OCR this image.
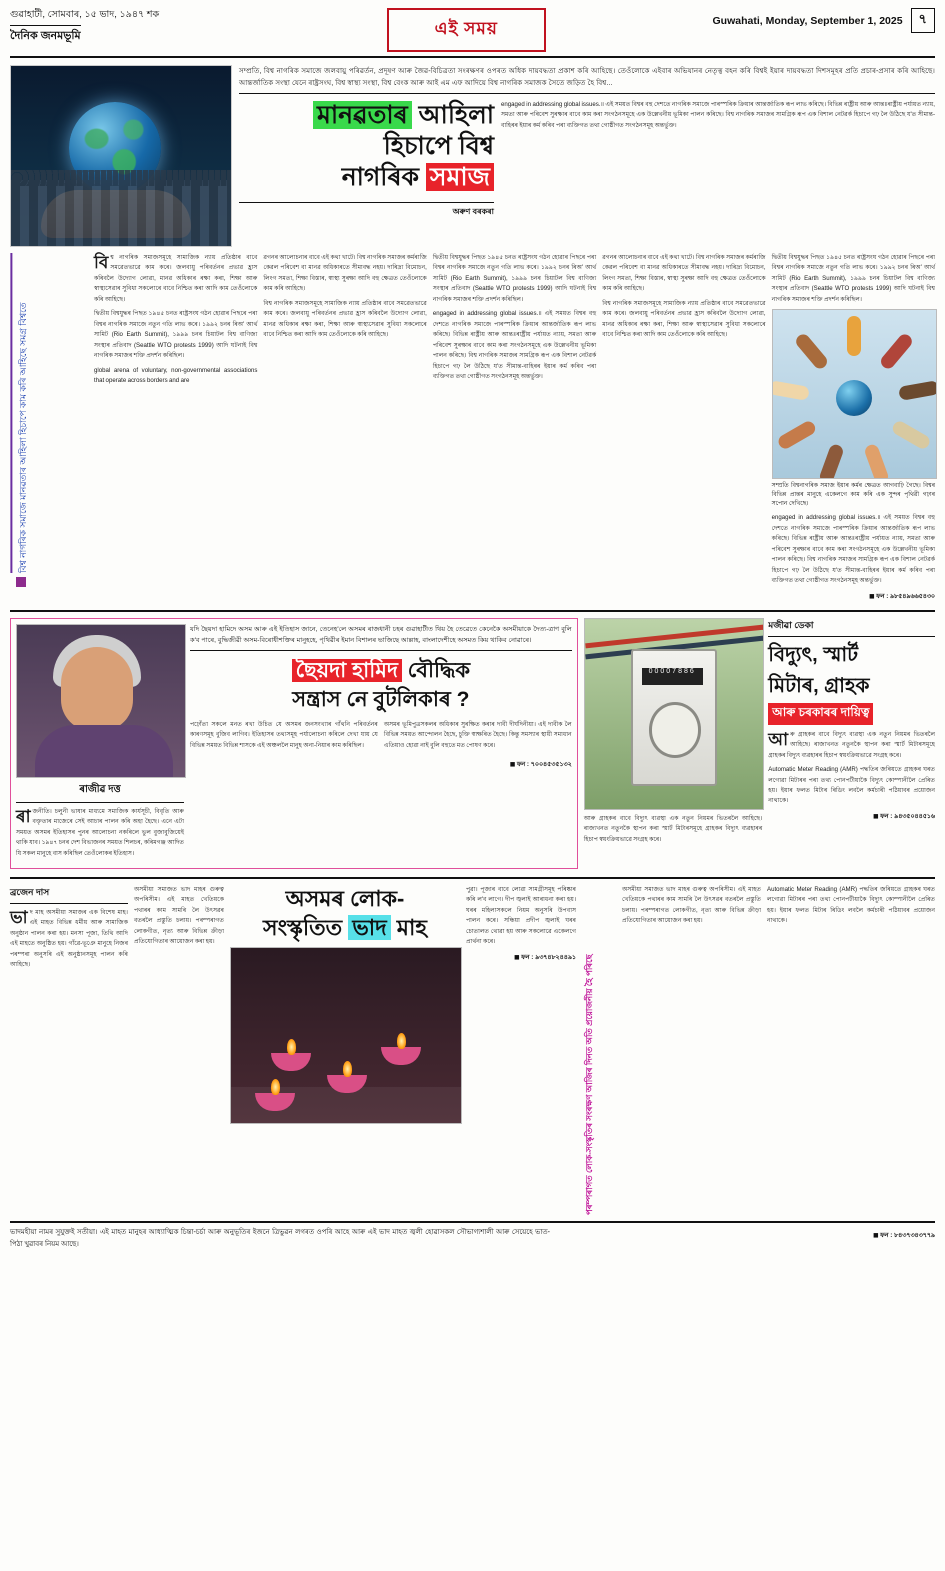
গুৱাহাটী, সোমবাৰ, ১৫ ভাদ, ১৯৪৭ শক
দৈনিক জনমভূমি	এই সময়	Guwahati, Monday, September 1, 2025	৭
সম্প্ৰতি, বিশ্ব নাগৰিক সমাজে জলবায়ু পৰিৱৰ্তন, প্ৰদূষণ আৰু জৈৱ-বিচিত্ৰতা সংৰক্ষণৰ ওপৰত অধিক দায়বদ্ধতা প্ৰকাশ কৰি আহিছে। তেওঁলোকে এইবাৰ অভিযানৰ নেতৃত্ব বহন কৰি বিশ্বই ইয়াৰ দায়বদ্ধতা দিশসমূহৰ প্ৰতি প্ৰচাৰ-প্ৰসাৰ কৰি আহিছে। আন্তৰ্জাতিক সংস্থা যেনে ৰাষ্ট্ৰসংঘ, বিশ্ব স্বাস্থ্য সংস্থা, বিশ্ব বেংক আৰু আই এম এফ আদিয়ে বিশ্ব নাগৰিক সমাজক সৈতে জড়িত হৈ বিশ্ব...
মানৱতাৰ আহিলা
হিচাপে বিশ্ব
নাগৰিক সমাজ
অৰুণ বৰকৰা

engaged in addressing global issues.॥ এই সময়ত বিশ্বৰ বহু দেশতে নাগৰিক সমাজে পাৰস্পৰিক ক্ৰিয়াৰ আন্তৰ্জাতিক ৰূপ লাভ কৰিছে। বিভিন্ন ৰাষ্ট্ৰীয় আৰু আন্তঃৰাষ্ট্ৰীয় পৰ্যায়ত ন্যায়, সমতা আৰু পৰিবেশ সুৰক্ষাৰ বাবে কাম কৰা সংগঠনসমূহে এক উল্লেখনীয় ভূমিকা পালন কৰিছে। বিশ্ব নাগৰিক সমাজৰ সামগ্ৰিক ৰূপ এক বিশাল নেটৱৰ্ক হিচাপে গঢ় লৈ উঠিছে য'ত সীমান্ত-বাহিৰৰ ইয়াৰ কৰ্ম কৰিব পৰা ব্যক্তিগত তথা গোষ্ঠীগত সংগঠনসমূহ অন্তৰ্ভুক্ত।

বিশ্ব নাগৰিক সমাজে মানৱতাৰ আহিলা হিচাপে কাম কৰি আহিছে সমগ্ৰ বিশ্বতে

বিশ্ব নাগৰিক সমাজসমূহে সামাজিক ন্যায় প্ৰতিষ্ঠাৰ বাবে সমৱেতভাৱে কাম কৰে। জলবায়ু পৰিবৰ্তনৰ প্ৰভাৱ হ্ৰাস কৰিবলৈ উদ্যোগ লোৱা, মানৱ অধিকাৰ ৰক্ষা কৰা, শিক্ষা আৰু স্বাস্থ্যসেৱাৰ সুবিধা সকলোৰে বাবে নিশ্চিত কৰা আদি কাম তেওঁলোকে কৰি আহিছে।

দ্বিতীয় বিশ্বযুদ্ধৰ পিছত ১৯৪৫ চনত ৰাষ্ট্ৰসংঘ গঠন হোৱাৰ পিছৰে পৰা বিশ্বৰ নাগৰিক সমাজে নতুন গতি লাভ কৰে। ১৯৯২ চনৰ ৰিঅ' আৰ্থ সামিট (Rio Earth Summit), ১৯৯৯ চনৰ চিয়াটল বিশ্ব বাণিজ্য সংস্থাৰ প্ৰতিবাদ (Seattle WTO protests 1999) আদি ঘটনাই বিশ্ব নাগৰিক সমাজৰ শক্তি প্ৰদৰ্শন কৰিছিল।

global arena of voluntary, non-governmental associations that operate across borders and are

ৱগনৰ আলোচনাৰ বাবে এই কথা খাটে। বিশ্ব নাগৰিক সমাজৰ কৰ্মৰাজি কেৱল পৰিবেশ বা মানৱ অধিকাৰতে সীমাবদ্ধ নহয়। দাৰিদ্ৰ্য বিমোচন, লিংগ সমতা, শিক্ষা বিস্তাৰ, স্বাস্থ্য সুৰক্ষা আদি বহু ক্ষেত্ৰত তেওঁলোকে কাম কৰি আহিছে।

বিশ্ব নাগৰিক সমাজসমূহে সামাজিক ন্যায় প্ৰতিষ্ঠাৰ বাবে সমৱেতভাৱে কাম কৰে। জলবায়ু পৰিবৰ্তনৰ প্ৰভাৱ হ্ৰাস কৰিবলৈ উদ্যোগ লোৱা, মানৱ অধিকাৰ ৰক্ষা কৰা, শিক্ষা আৰু স্বাস্থ্যসেৱাৰ সুবিধা সকলোৰে বাবে নিশ্চিত কৰা আদি কাম তেওঁলোকে কৰি আহিছে।

দ্বিতীয় বিশ্বযুদ্ধৰ পিছত ১৯৪৫ চনত ৰাষ্ট্ৰসংঘ গঠন হোৱাৰ পিছৰে পৰা বিশ্বৰ নাগৰিক সমাজে নতুন গতি লাভ কৰে। ১৯৯২ চনৰ ৰিঅ' আৰ্থ সামিট (Rio Earth Summit), ১৯৯৯ চনৰ চিয়াটল বিশ্ব বাণিজ্য সংস্থাৰ প্ৰতিবাদ (Seattle WTO protests 1999) আদি ঘটনাই বিশ্ব নাগৰিক সমাজৰ শক্তি প্ৰদৰ্শন কৰিছিল।

engaged in addressing global issues.॥ এই সময়ত বিশ্বৰ বহু দেশতে নাগৰিক সমাজে পাৰস্পৰিক ক্ৰিয়াৰ আন্তৰ্জাতিক ৰূপ লাভ কৰিছে। বিভিন্ন ৰাষ্ট্ৰীয় আৰু আন্তঃৰাষ্ট্ৰীয় পৰ্যায়ত ন্যায়, সমতা আৰু পৰিবেশ সুৰক্ষাৰ বাবে কাম কৰা সংগঠনসমূহে এক উল্লেখনীয় ভূমিকা পালন কৰিছে। বিশ্ব নাগৰিক সমাজৰ সামগ্ৰিক ৰূপ এক বিশাল নেটৱৰ্ক হিচাপে গঢ় লৈ উঠিছে য'ত সীমান্ত-বাহিৰৰ ইয়াৰ কৰ্ম কৰিব পৰা ব্যক্তিগত তথা গোষ্ঠীগত সংগঠনসমূহ অন্তৰ্ভুক্ত।

ৱগনৰ আলোচনাৰ বাবে এই কথা খাটে। বিশ্ব নাগৰিক সমাজৰ কৰ্মৰাজি কেৱল পৰিবেশ বা মানৱ অধিকাৰতে সীমাবদ্ধ নহয়। দাৰিদ্ৰ্য বিমোচন, লিংগ সমতা, শিক্ষা বিস্তাৰ, স্বাস্থ্য সুৰক্ষা আদি বহু ক্ষেত্ৰত তেওঁলোকে কাম কৰি আহিছে।

বিশ্ব নাগৰিক সমাজসমূহে সামাজিক ন্যায় প্ৰতিষ্ঠাৰ বাবে সমৱেতভাৱে কাম কৰে। জলবায়ু পৰিবৰ্তনৰ প্ৰভাৱ হ্ৰাস কৰিবলৈ উদ্যোগ লোৱা, মানৱ অধিকাৰ ৰক্ষা কৰা, শিক্ষা আৰু স্বাস্থ্যসেৱাৰ সুবিধা সকলোৰে বাবে নিশ্চিত কৰা আদি কাম তেওঁলোকে কৰি আহিছে।

দ্বিতীয় বিশ্বযুদ্ধৰ পিছত ১৯৪৫ চনত ৰাষ্ট্ৰসংঘ গঠন হোৱাৰ পিছৰে পৰা বিশ্বৰ নাগৰিক সমাজে নতুন গতি লাভ কৰে। ১৯৯২ চনৰ ৰিঅ' আৰ্থ সামিট (Rio Earth Summit), ১৯৯৯ চনৰ চিয়াটল বিশ্ব বাণিজ্য সংস্থাৰ প্ৰতিবাদ (Seattle WTO protests 1999) আদি ঘটনাই বিশ্ব নাগৰিক সমাজৰ শক্তি প্ৰদৰ্শন কৰিছিল।

সম্প্ৰতি বিশ্বনাগৰিক সমাজ ইয়াৰ কৰ্মৰ ক্ষেত্ৰত আগবাঢ়ি গৈছে। বিশ্বৰ বিভিন্ন প্ৰান্তৰ মানুহে একেলগে কাম কৰি এক সুন্দৰ পৃথিৱী গঢ়াৰ সপোন দেখিছে।

engaged in addressing global issues.॥ এই সময়ত বিশ্বৰ বহু দেশতে নাগৰিক সমাজে পাৰস্পৰিক ক্ৰিয়াৰ আন্তৰ্জাতিক ৰূপ লাভ কৰিছে। বিভিন্ন ৰাষ্ট্ৰীয় আৰু আন্তঃৰাষ্ট্ৰীয় পৰ্যায়ত ন্যায়, সমতা আৰু পৰিবেশ সুৰক্ষাৰ বাবে কাম কৰা সংগঠনসমূহে এক উল্লেখনীয় ভূমিকা পালন কৰিছে। বিশ্ব নাগৰিক সমাজৰ সামগ্ৰিক ৰূপ এক বিশাল নেটৱৰ্ক হিচাপে গঢ় লৈ উঠিছে য'ত সীমান্ত-বাহিৰৰ ইয়াৰ কৰ্ম কৰিব পৰা ব্যক্তিগত তথা গোষ্ঠীগত সংগঠনসমূহ অন্তৰ্ভুক্ত।

◼ ফন : ৯৮৫৪৯৬৬৫৪৩০
ৰাজীৱ দত্ত

ৰাজনীতি। চলুনী ভাষাৰ মাধ্যমে সমাজিক কাৰ্যসূচী, বিবৃতি আৰু বক্তৃতাৰ মাজেৰে সেই আচাৰ পালন কৰি অহা হৈছে। এনে এটা সময়ত অসমৰ ইতিহাসৰ পুনৰ আলোচনা নকৰিলে ভুল বুজাবুজিয়েই থাকি যাব। ১৯৪৭ চনৰ দেশ বিভাজনৰ সময়ত শিলচৰ, কৰিমগঞ্জ আদিত যি সকল মানুহে বাস কৰিছিল তেওঁলোকৰ ইতিহাস।

যদি ছৈয়দা হামিদে অসম আৰু এই ইতিহাস জানে, তেনেহ'লে অসমৰ ৰাজধানী চহৰ গুৱাহাটীত থিয় হৈ তেৱেতে কেনেকৈ অসমীয়াকে দৈত্য-ত্ৰাণ বুলি ক'ব পাৰে, বুদ্ধিজীৱী অসম-বিৰোধীশক্তিৰ মানুহহে, পৃথিৱীৰ ইমান বিশালৰ ভাজিছে আল্লাহ, বাংলাদেশীহে অসমত কিয় থাকিব নোৱাৰে।
ছৈয়দা হামিদ বৌদ্ধিক
সন্ত্ৰাস নে বুটলিকাৰ ?

পঢ়োঁতা সকলে মনত ৰখা উচিত যে অসমৰ জনসংখ্যাৰ গাঁথনি পৰিবৰ্তনৰ কাৰণসমূহ বুজিব লাগিব। ইতিহাসৰ তথ্যসমূহ পৰ্যালোচনা কৰিলে দেখা যায় যে বিভিন্ন সময়ত বিভিন্ন শাসকে এই অঞ্চললৈ মানুহ অনা-নিয়াৰ কাম কৰিছিল।

অসমৰ ভূমিপুত্ৰসকলৰ অধিকাৰ সুৰক্ষিত কৰাৰ দাবী দীৰ্ঘদিনীয়া। এই দাবীক লৈ বিভিন্ন সময়ত আন্দোলন হৈছে, চুক্তি স্বাক্ষৰিত হৈছে। কিন্তু সমস্যাৰ স্থায়ী সমাধান এতিয়াও হোৱা নাই বুলি বহুতে মত পোষণ কৰে।

◼ ফন : ৭০০৪৫৩৫১৩২
00007886

আৰু গ্ৰাহকৰ বাবে বিদ্যুৎ ব্যৱস্থা এক নতুন নিয়মৰ ভিতৰলৈ আহিছে। ৰাজ্যখনত নতুনকৈ স্থাপন কৰা স্মাৰ্ট মিটাৰসমূহে গ্ৰাহকৰ বিদ্যুৎ ব্যৱহাৰৰ হিচাপ স্বয়ংক্ৰিয়ভাৱে সংগ্ৰহ কৰে।

মজীৱা ডেকা
বিদ্যুৎ, স্মাৰ্ট
মিটাৰ, গ্ৰাহক
আৰু চৰকাৰৰ দায়িত্ব

আৰু গ্ৰাহকৰ বাবে বিদ্যুৎ ব্যৱস্থা এক নতুন নিয়মৰ ভিতৰলৈ আহিছে। ৰাজ্যখনত নতুনকৈ স্থাপন কৰা স্মাৰ্ট মিটাৰসমূহে গ্ৰাহকৰ বিদ্যুৎ ব্যৱহাৰৰ হিচাপ স্বয়ংক্ৰিয়ভাৱে সংগ্ৰহ কৰে।

Automatic Meter Reading (AMR) পদ্ধতিৰ জৰিয়তে গ্ৰাহকৰ ঘৰত লগোৱা মিটাৰৰ পৰা তথ্য পোনপটীয়াকৈ বিদ্যুৎ কোম্পানীলৈ প্ৰেৰিত হয়। ইয়াৰ ফলত মিটাৰ ৰিডিং লবলৈ কৰ্মচাৰী পঠিয়াবৰ প্ৰয়োজন নাথাকে।

◼ ফন : ৯৪৩৫০৪৪৫১৬
ব্ৰজেন দাস

ভাদ মাহ অসমীয়া সমাজৰ এক বিশেষ মাহ। এই মাহত বিভিন্ন ধৰ্মীয় আৰু সামাজিক অনুষ্ঠান পালন কৰা হয়। মনসা পূজা, তিথি আদি এই মাহতে অনুষ্ঠিত হয়। গাঁৱে-ভূঞে মানুহে নিজৰ পৰম্পৰা অনুসৰি এই অনুষ্ঠানসমূহ পালন কৰি আহিছে।

অসমীয়া সমাজত ভাদ মাহৰ গুৰুত্ব অপৰিসীম। এই মাহত খেতিয়কে পথাৰৰ কাম সামৰি লৈ উৎসৱৰ বতৰলৈ প্ৰস্তুতি চলায়। পৰম্পৰাগত লোকগীত, নৃত্য আৰু বিভিন্ন ক্ৰীড়া প্ৰতিযোগিতাৰ আয়োজন কৰা হয়।

অসমৰ লোক-
সংস্কৃতিত ভাদ মাহ

পুৱা। পূজাৰ বাবে লোৱা সামগ্ৰীসমূহ পৰিষ্কাৰ কৰি ল'ব লাগে। দীপ জ্বলাই আৰাধনা কৰা হয়। ঘৰৰ মহিলাসকলে নিয়ম অনুসৰি উপবাস পালন কৰে। সন্ধিয়া প্ৰদীপ জ্বলাই ঘৰৰ চোতালত থোৱা হয় আৰু সকলোৱে একেলগে প্ৰাৰ্থনা কৰে।

◼ ফন : ৯৩৭৪৮২৪৪৯১ পৰম্পৰাগত লোক-সংস্কৃতিৰ সংৰক্ষণ আজিৰ দিনত অতি প্ৰয়োজনীয় হৈ পৰিছে

অসমীয়া সমাজত ভাদ মাহৰ গুৰুত্ব অপৰিসীম। এই মাহত খেতিয়কে পথাৰৰ কাম সামৰি লৈ উৎসৱৰ বতৰলৈ প্ৰস্তুতি চলায়। পৰম্পৰাগত লোকগীত, নৃত্য আৰু বিভিন্ন ক্ৰীড়া প্ৰতিযোগিতাৰ আয়োজন কৰা হয়।

Automatic Meter Reading (AMR) পদ্ধতিৰ জৰিয়তে গ্ৰাহকৰ ঘৰত লগোৱা মিটাৰৰ পৰা তথ্য পোনপটীয়াকৈ বিদ্যুৎ কোম্পানীলৈ প্ৰেৰিত হয়। ইয়াৰ ফলত মিটাৰ ৰিডিং লবলৈ কৰ্মচাৰী পঠিয়াবৰ প্ৰয়োজন নাথাকে।

ভাদমহীয়া নামৰ সুযুক্তই সতীয়া। এই মাহত মানুহৰ আধ্যাত্মিক চিন্তা-চৰ্চা আৰু অনুভূতিৰ ইজনে ত্ৰিভুৱন লগৰত ওপৰি আহে আৰু এই ভাদ মাহত জ্বলী হোৱাসকল সৌভাগ্যশালী আৰু সেয়েহে ভাত-পিঠা খুৱাবৰ নিয়ম আছে।
◼ ফন : ৮৪৩৭৩৪৩৭৭৯
